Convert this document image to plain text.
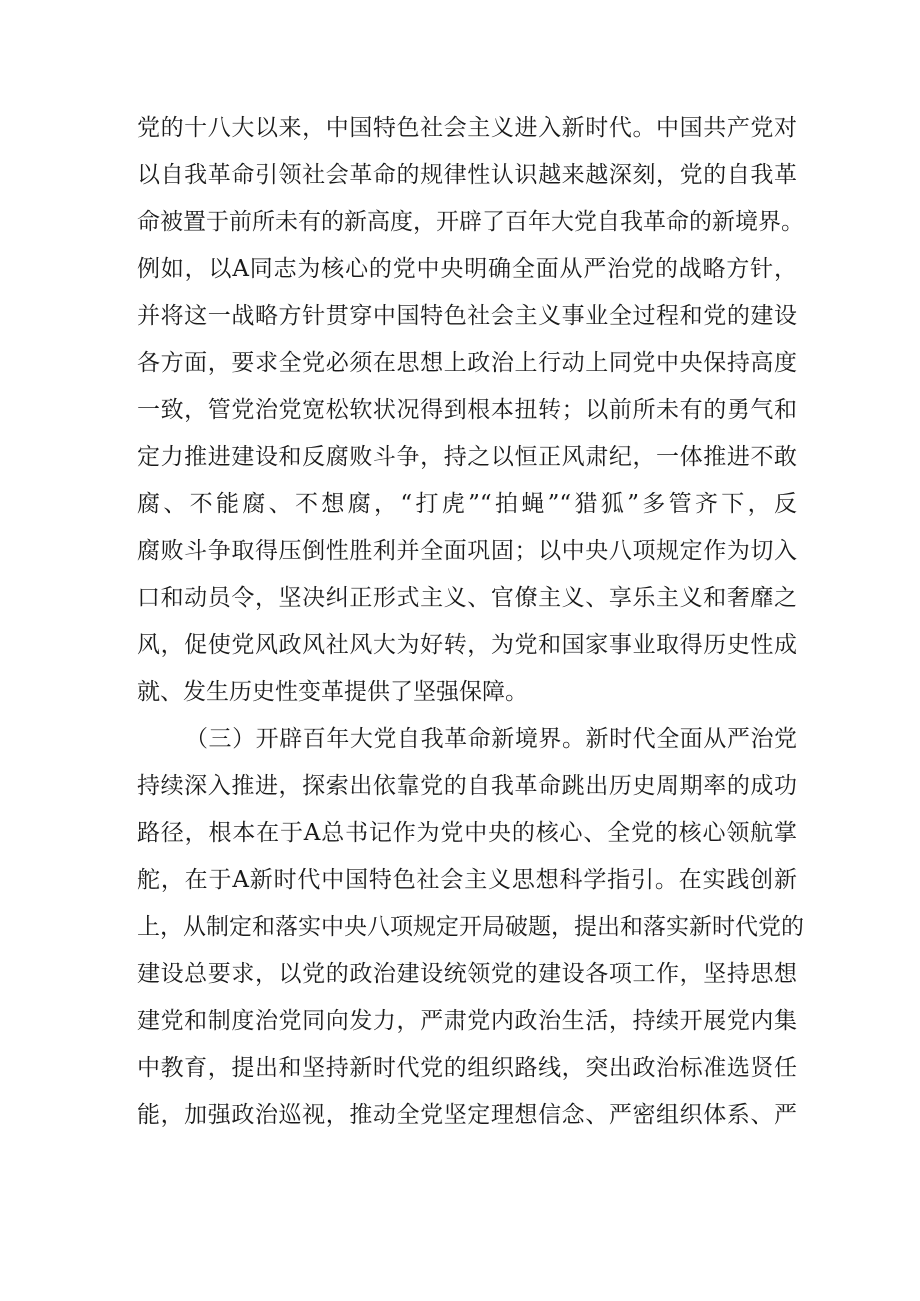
党的十八大以来，中国特色社会主义进入新时代。中国共产党对
以自我革命引领社会革命的规律性认识越来越深刻，党的自我革
命被置于前所未有的新高度，开辟了百年大党自我革命的新境界。
例如，以A同志为核心的党中央明确全面从严治党的战略方针，
并将这一战略方针贯穿中国特色社会主义事业全过程和党的建设
各方面，要求全党必须在思想上政治上行动上同党中央保持高度
一致，管党治党宽松软状况得到根本扭转；以前所未有的勇气和
定力推进建设和反腐败斗争，持之以恒正风肃纪，一体推进不敢
腐、不能腐、不想腐，“打虎”“拍蝇”“猎狐”多管齐下，反
腐败斗争取得压倒性胜利并全面巩固；以中央八项规定作为切入
口和动员令，坚决纠正形式主义、官僚主义、享乐主义和奢靡之
风，促使党风政风社风大为好转，为党和国家事业取得历史性成
就、发生历史性变革提供了坚强保障。
（三）开辟百年大党自我革命新境界。新时代全面从严治党
持续深入推进，探索出依靠党的自我革命跳出历史周期率的成功
路径，根本在于A总书记作为党中央的核心、全党的核心领航掌
舵，在于A新时代中国特色社会主义思想科学指引。在实践创新
上，从制定和落实中央八项规定开局破题，提出和落实新时代党的
建设总要求，以党的政治建设统领党的建设各项工作，坚持思想
建党和制度治党同向发力，严肃党内政治生活，持续开展党内集
中教育，提出和坚持新时代党的组织路线，突出政治标准选贤任
能，加强政治巡视，推动全党坚定理想信念、严密组织体系、严
